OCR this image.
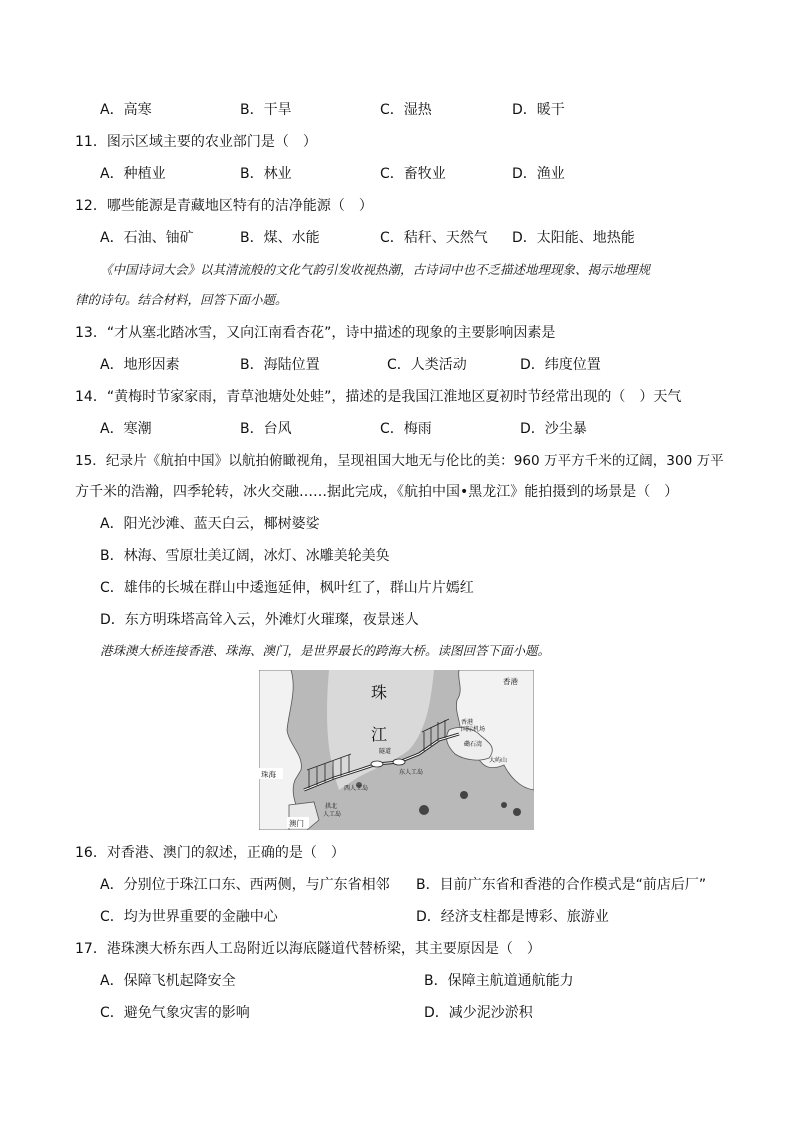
A．高寒	B．干旱	C．湿热	D．暖干
11．图示区域主要的农业部门是（　）
A．种植业	B．林业	C．畜牧业	D．渔业
12．哪些能源是青藏地区特有的洁净能源（　）
A．石油、铀矿	B．煤、水能	C．秸秆、天然气 D．太阳能、地热能
《中国诗词大会》以其清流般的文化气韵引发收视热潮，古诗词中也不乏描述地理现象、揭示地理规
律的诗句。结合材料，回答下面小题。
13．“才从塞北踏冰雪，又向江南看杏花”，诗中描述的现象的主要影响因素是
A．地形因素	B．海陆位置	C．人类活动	D．纬度位置
14．“黄梅时节家家雨，青草池塘处处蛙”，描述的是我国江淮地区夏初时节经常出现的（　）天气
A．寒潮	B．台风	C．梅雨	D．沙尘暴
15．纪录片《航拍中国》以航拍俯瞰视角，呈现祖国大地无与伦比的美：960 万平方千米的辽阔，300 万平
方千米的浩瀚，四季轮转，冰火交融……据此完成，《航拍中国•黑龙江》能拍摄到的场景是（　）
A．阳光沙滩、蓝天白云，椰树婆娑
B．林海、雪原壮美辽阔，冰灯、冰雕美轮美奂
C．雄伟的长城在群山中逶迤延伸，枫叶红了，群山片片嫣红
D．东方明珠塔高耸入云，外滩灯火璀璨，夜景迷人
港珠澳大桥连接香港、珠海、澳门，是世界最长的跨海大桥。读图回答下面小题。
珠
江
香港
香港
国际机场
磡石湾
大屿山
隧道
东人工岛
西人工岛
珠海
澳门
拱北
人工岛
16．对香港、澳门的叙述，正确的是（　）
A．分别位于珠江口东、西两侧，与广东省相邻 B．目前广东省和香港的合作模式是“前店后厂”
C．均为世界重要的金融中心	D．经济支柱都是博彩、旅游业
17．港珠澳大桥东西人工岛附近以海底隧道代替桥梁，其主要原因是（　）
A．保障飞机起降安全	B．保障主航道通航能力
C．避免气象灾害的影响	D．减少泥沙淤积
